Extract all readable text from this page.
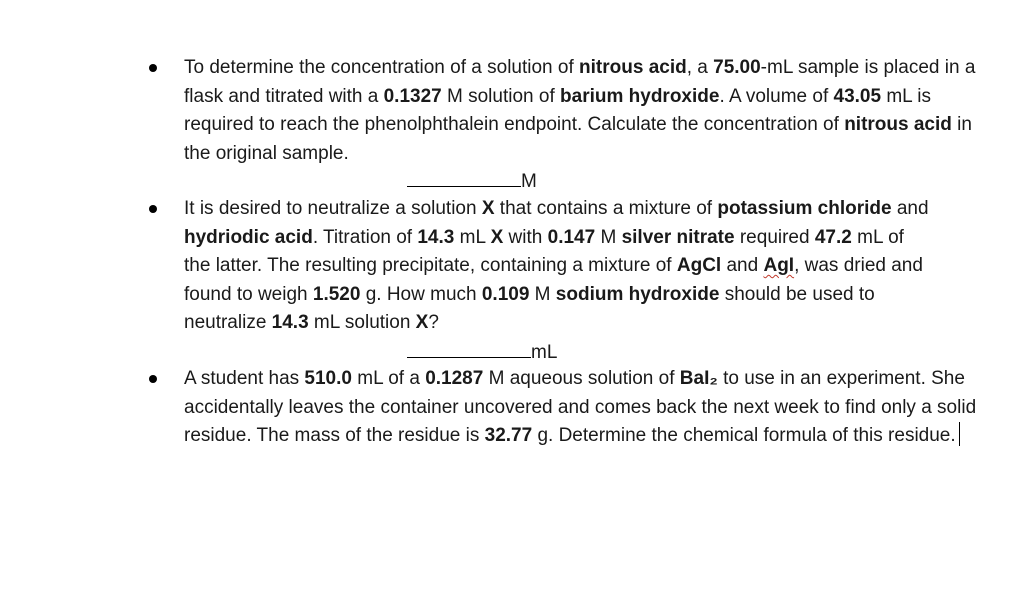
To determine the concentration of a solution of nitrous acid, a 75.00-mL sample is placed in a flask and titrated with a 0.1327 M solution of barium hydroxide. A volume of 43.05 mL is required to reach the phenolphthalein endpoint. Calculate the concentration of nitrous acid in the original sample.

M

It is desired to neutralize a solution X that contains a mixture of potassium chloride and hydriodic acid. Titration of 14.3 mL X with 0.147 M silver nitrate required 47.2 mL of the latter. The resulting precipitate, containing a mixture of AgCl and AgI, was dried and found to weigh 1.520 g. How much 0.109 M sodium hydroxide should be used to neutralize 14.3 mL solution X?

mL

A student has 510.0 mL of a 0.1287 M aqueous solution of BaI₂ to use in an experiment. She accidentally leaves the container uncovered and comes back the next week to find only a solid residue. The mass of the residue is 32.77 g. Determine the chemical formula of this residue.
